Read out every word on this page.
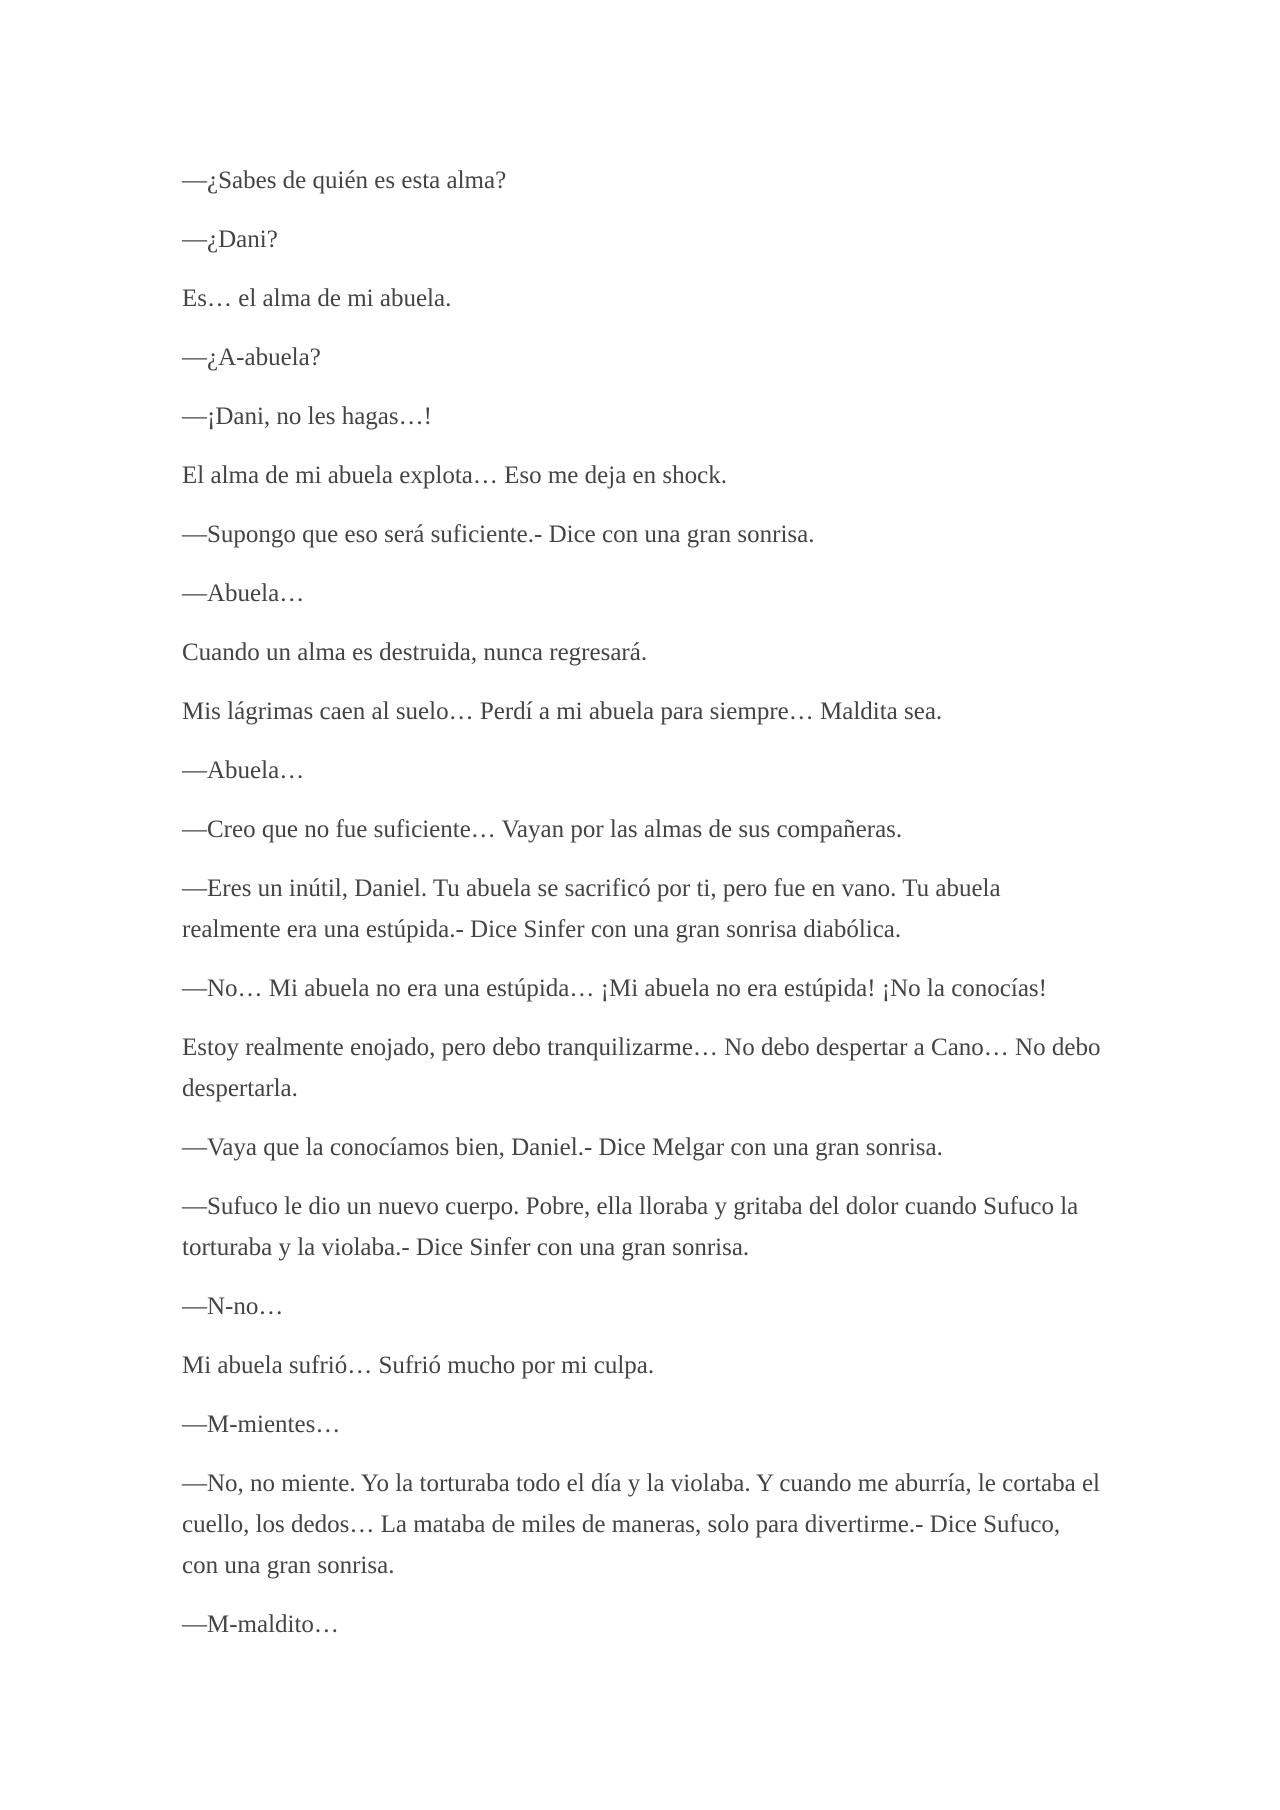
—¿Sabes de quién es esta alma?

—¿Dani?

Es… el alma de mi abuela.

—¿A-abuela?

—¡Dani, no les hagas…!

El alma de mi abuela explota… Eso me deja en shock.

—Supongo que eso será suficiente.- Dice con una gran sonrisa.

—Abuela…

Cuando un alma es destruida, nunca regresará.

Mis lágrimas caen al suelo… Perdí a mi abuela para siempre… Maldita sea.

—Abuela…

—Creo que no fue suficiente… Vayan por las almas de sus compañeras.

—Eres un inútil, Daniel. Tu abuela se sacrificó por ti, pero fue en vano. Tu abuela realmente era una estúpida.- Dice Sinfer con una gran sonrisa diabólica.

—No… Mi abuela no era una estúpida… ¡Mi abuela no era estúpida! ¡No la conocías!

Estoy realmente enojado, pero debo tranquilizarme… No debo despertar a Cano… No debo despertarla.

—Vaya que la conocíamos bien, Daniel.- Dice Melgar con una gran sonrisa.

—Sufuco le dio un nuevo cuerpo. Pobre, ella lloraba y gritaba del dolor cuando Sufuco la torturaba y la violaba.- Dice Sinfer con una gran sonrisa.

—N-no…

Mi abuela sufrió… Sufrió mucho por mi culpa.

—M-mientes…

—No, no miente. Yo la torturaba todo el día y la violaba. Y cuando me aburría, le cortaba el cuello, los dedos… La mataba de miles de maneras, solo para divertirme.- Dice Sufuco, con una gran sonrisa.

—M-maldito…
